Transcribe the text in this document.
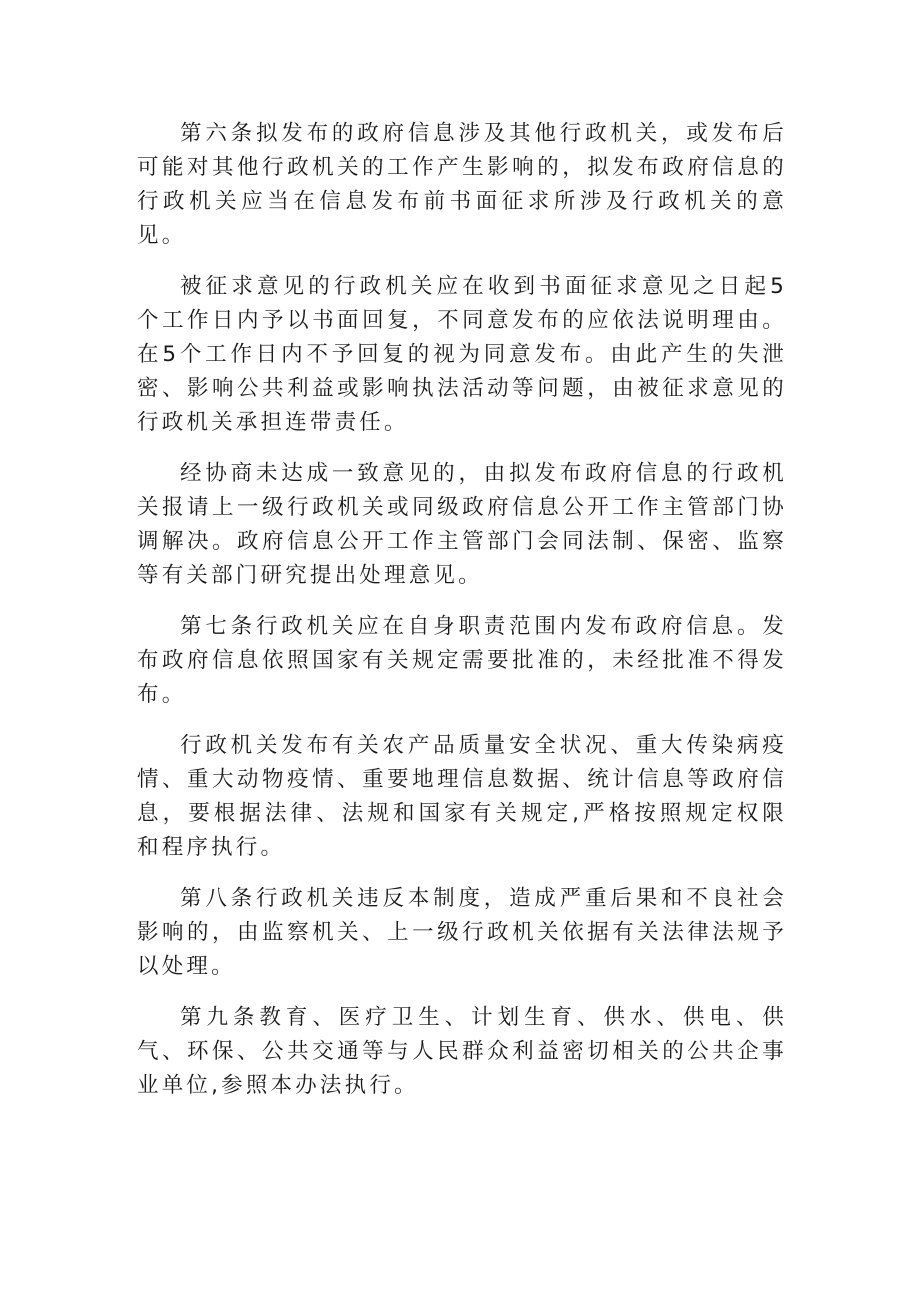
第六条拟发布的政府信息涉及其他行政机关，或发布后可能对其他行政机关的工作产生影响的，拟发布政府信息的行政机关应当在信息发布前书面征求所涉及行政机关的意见。

被征求意见的行政机关应在收到书面征求意见之日起5个工作日内予以书面回复，不同意发布的应依法说明理由。在5个工作日内不予回复的视为同意发布。由此产生的失泄密、影响公共利益或影响执法活动等问题，由被征求意见的行政机关承担连带责任。

经协商未达成一致意见的，由拟发布政府信息的行政机关报请上一级行政机关或同级政府信息公开工作主管部门协调解决。政府信息公开工作主管部门会同法制、保密、监察等有关部门研究提出处理意见。

第七条行政机关应在自身职责范围内发布政府信息。发布政府信息依照国家有关规定需要批准的，未经批准不得发布。

行政机关发布有关农产品质量安全状况、重大传染病疫情、重大动物疫情、重要地理信息数据、统计信息等政府信息，要根据法律、法规和国家有关规定,严格按照规定权限和程序执行。

第八条行政机关违反本制度，造成严重后果和不良社会影响的，由监察机关、上一级行政机关依据有关法律法规予以处理。

第九条教育、医疗卫生、计划生育、供水、供电、供气、环保、公共交通等与人民群众利益密切相关的公共企事业单位,参照本办法执行。
